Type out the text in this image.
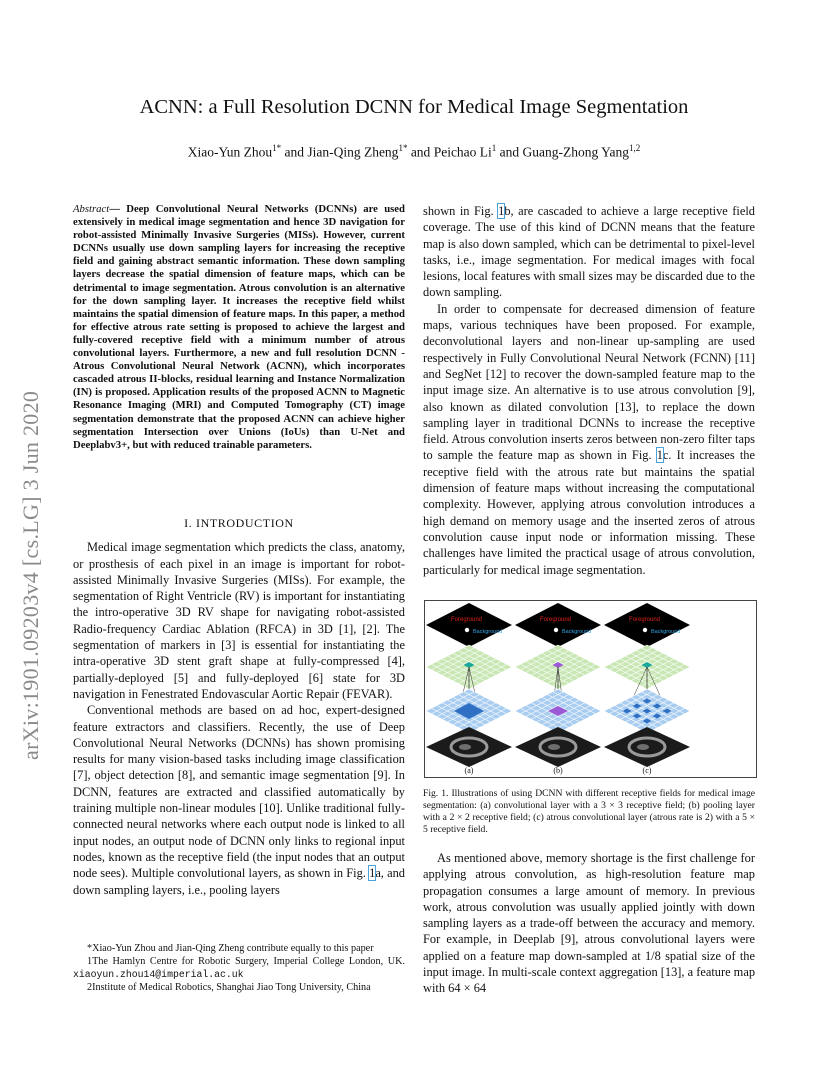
arXiv:1901.09203v4 [cs.LG] 3 Jun 2020
ACNN: a Full Resolution DCNN for Medical Image Segmentation
Xiao-Yun Zhou$^{1*}$ and Jian-Qing Zheng$^{1*}$ and Peichao Li$^1$ and Guang-Zhong Yang$^{1,2}$
Abstract— Deep Convolutional Neural Networks (DCNNs) are used extensively in medical image segmentation and hence 3D navigation for robot-assisted Minimally Invasive Surgeries (MISs). However, current DCNNs usually use down sampling layers for increasing the receptive field and gaining abstract semantic information. These down sampling layers decrease the spatial dimension of feature maps, which can be detrimental to image segmentation. Atrous convolution is an alternative for the down sampling layer. It increases the receptive field whilst maintains the spatial dimension of feature maps. In this paper, a method for effective atrous rate setting is proposed to achieve the largest and fully-covered receptive field with a minimum number of atrous convolutional layers. Furthermore, a new and full resolution DCNN - Atrous Convolutional Neural Network (ACNN), which incorporates cascaded atrous II-blocks, residual learning and Instance Normalization (IN) is proposed. Application results of the proposed ACNN to Magnetic Resonance Imaging (MRI) and Computed Tomography (CT) image segmentation demonstrate that the proposed ACNN can achieve higher segmentation Intersection over Unions (IoUs) than U-Net and Deeplabv3+, but with reduced trainable parameters.
I. INTRODUCTION

Medical image segmentation which predicts the class, anatomy, or prosthesis of each pixel in an image is important for robot-assisted Minimally Invasive Surgeries (MISs). For example, the segmentation of Right Ventricle (RV) is important for instantiating the intro-operative 3D RV shape for navigating robot-assisted Radio-frequency Cardiac Ablation (RFCA) in 3D [1], [2]. The segmentation of markers in [3] is essential for instantiating the intra-operative 3D stent graft shape at fully-compressed [4], partially-deployed [5] and fully-deployed [6] state for 3D navigation in Fenestrated Endovascular Aortic Repair (FEVAR).

Conventional methods are based on ad hoc, expert-designed feature extractors and classifiers. Recently, the use of Deep Convolutional Neural Networks (DCNNs) has shown promising results for many vision-based tasks including image classification [7], object detection [8], and semantic image segmentation [9]. In DCNN, features are extracted and classified automatically by training multiple non-linear modules [10]. Unlike traditional fully-connected neural networks where each output node is linked to all input nodes, an output node of DCNN only links to regional input nodes, known as the receptive field (the input nodes that an output node sees). Multiple convolutional layers, as shown in Fig. 1a, and down sampling layers, i.e., pooling layers

*Xiao-Yun Zhou and Jian-Qing Zheng contribute equally to this paper

1The Hamlyn Centre for Robotic Surgery, Imperial College London, UK. xiaoyun.zhou14@imperial.ac.uk

2Institute of Medical Robotics, Shanghai Jiao Tong University, China

shown in Fig. 1b, are cascaded to achieve a large receptive field coverage. The use of this kind of DCNN means that the feature map is also down sampled, which can be detrimental to pixel-level tasks, i.e., image segmentation. For medical images with focal lesions, local features with small sizes may be discarded due to the down sampling.

In order to compensate for decreased dimension of feature maps, various techniques have been proposed. For example, deconvolutional layers and non-linear up-sampling are used respectively in Fully Convolutional Neural Network (FCNN) [11] and SegNet [12] to recover the down-sampled feature map to the input image size. An alternative is to use atrous convolution [9], also known as dilated convolution [13], to replace the down sampling layer in traditional DCNNs to increase the receptive field. Atrous convolution inserts zeros between non-zero filter taps to sample the feature map as shown in Fig. 1c. It increases the receptive field with the atrous rate but maintains the spatial dimension of feature maps without increasing the computational complexity. However, applying atrous convolution introduces a high demand on memory usage and the inserted zeros of atrous convolution cause input node or information missing. These challenges have limited the practical usage of atrous convolution, particularly for medical image segmentation.

Foreground
Background
(a)
Foreground
Background
(b)
Foreground
Background
(c)
Fig. 1. Illustrations of using DCNN with different receptive fields for medical image segmentation: (a) convolutional layer with a 3 × 3 receptive field; (b) pooling layer with a 2 × 2 receptive field; (c) atrous convolutional layer (atrous rate is 2) with a 5 × 5 receptive field.

As mentioned above, memory shortage is the first challenge for applying atrous convolution, as high-resolution feature map propagation consumes a large amount of memory. In previous work, atrous convolution was usually applied jointly with down sampling layers as a trade-off between the accuracy and memory. For example, in Deeplab [9], atrous convolutional layers were applied on a feature map down-sampled at 1/8 spatial size of the input image. In multi-scale context aggregation [13], a feature map with 64 × 64
